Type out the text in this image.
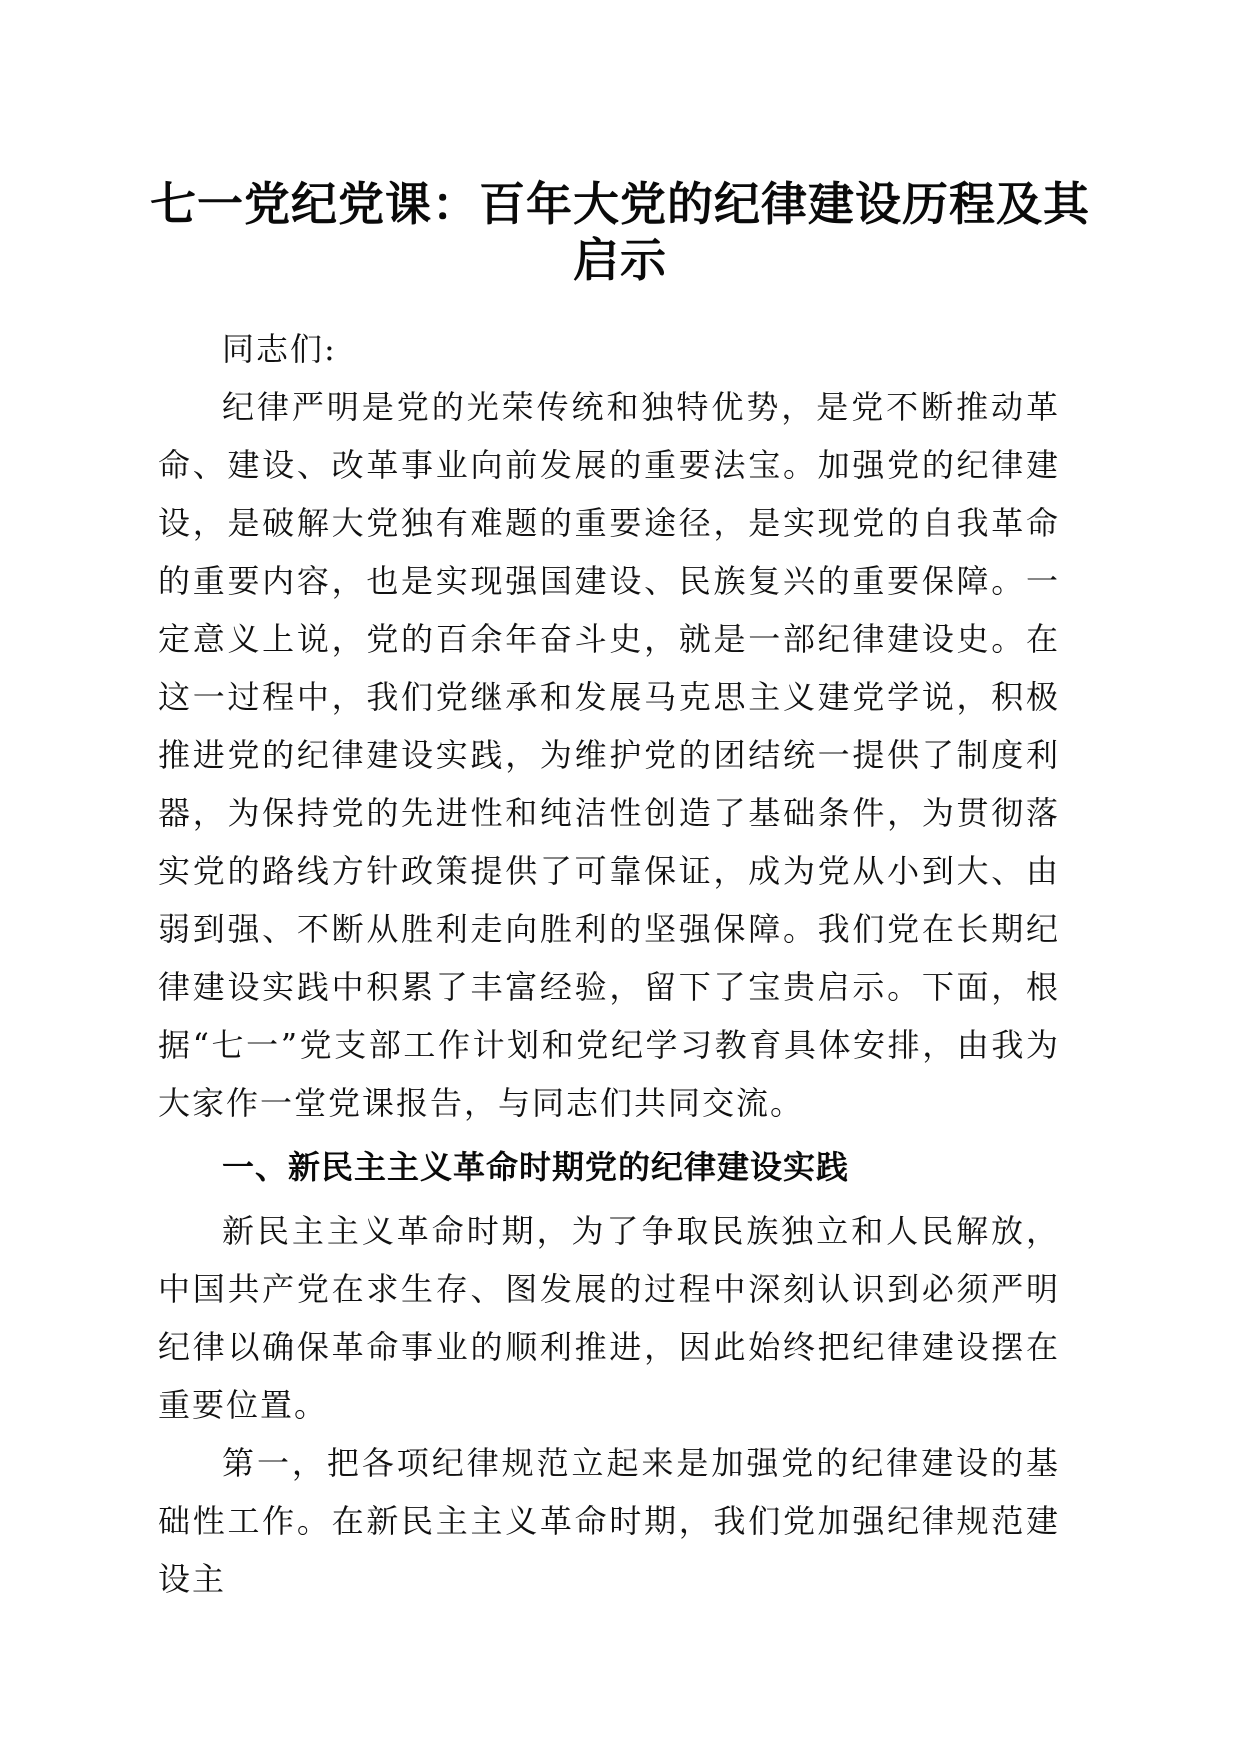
七一党纪党课：百年大党的纪律建设历程及其启示

同志们:

纪律严明是党的光荣传统和独特优势，是党不断推动革命、建设、改革事业向前发展的重要法宝。加强党的纪律建设，是破解大党独有难题的重要途径，是实现党的自我革命的重要内容，也是实现强国建设、民族复兴的重要保障。一定意义上说，党的百余年奋斗史，就是一部纪律建设史。在这一过程中，我们党继承和发展马克思主义建党学说，积极推进党的纪律建设实践，为维护党的团结统一提供了制度利器，为保持党的先进性和纯洁性创造了基础条件，为贯彻落实党的路线方针政策提供了可靠保证，成为党从小到大、由弱到强、不断从胜利走向胜利的坚强保障。我们党在长期纪律建设实践中积累了丰富经验，留下了宝贵启示。下面，根据“七一”党支部工作计划和党纪学习教育具体安排，由我为大家作一堂党课报告，与同志们共同交流。

一、新民主主义革命时期党的纪律建设实践

新民主主义革命时期，为了争取民族独立和人民解放，中国共产党在求生存、图发展的过程中深刻认识到必须严明纪律以确保革命事业的顺利推进，因此始终把纪律建设摆在重要位置。

第一，把各项纪律规范立起来是加强党的纪律建设的基础性工作。在新民主主义革命时期，我们党加强纪律规范建设主
